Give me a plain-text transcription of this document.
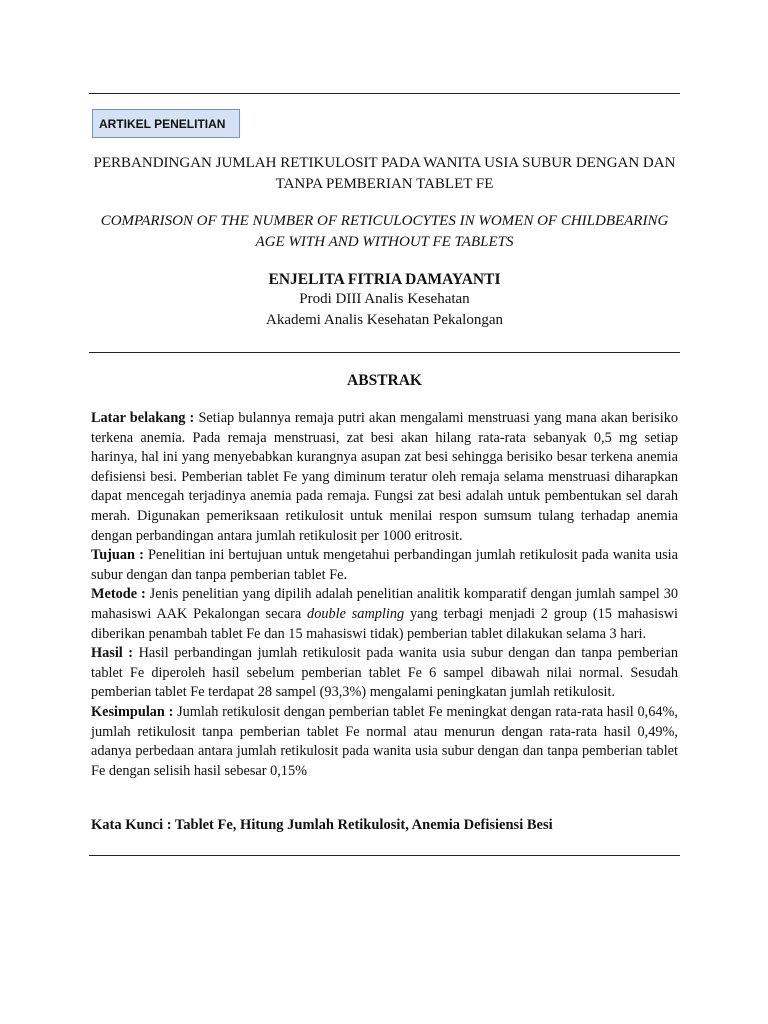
ARTIKEL PENELITIAN
PERBANDINGAN JUMLAH RETIKULOSIT PADA WANITA USIA SUBUR DENGAN DAN TANPA PEMBERIAN TABLET FE
COMPARISON OF THE NUMBER OF RETICULOCYTES IN WOMEN OF CHILDBEARING AGE WITH AND WITHOUT FE TABLETS
ENJELITA FITRIA DAMAYANTI
Prodi DIII Analis Kesehatan
Akademi Analis Kesehatan Pekalongan
ABSTRAK

Latar belakang : Setiap bulannya remaja putri akan mengalami menstruasi yang mana akan berisiko terkena anemia. Pada remaja menstruasi, zat besi akan hilang rata-rata sebanyak 0,5 mg setiap harinya, hal ini yang menyebabkan kurangnya asupan zat besi sehingga berisiko besar terkena anemia defisiensi besi. Pemberian tablet Fe yang diminum teratur oleh remaja selama menstruasi diharapkan dapat mencegah terjadinya anemia pada remaja. Fungsi zat besi adalah untuk pembentukan sel darah merah. Digunakan pemeriksaan retikulosit untuk menilai respon sumsum tulang terhadap anemia dengan perbandingan antara jumlah retikulosit per 1000 eritrosit.

Tujuan : Penelitian ini bertujuan untuk mengetahui perbandingan jumlah retikulosit pada wanita usia subur dengan dan tanpa pemberian tablet Fe.

Metode : Jenis penelitian yang dipilih adalah penelitian analitik komparatif dengan jumlah sampel 30 mahasiswi AAK Pekalongan secara double sampling yang terbagi menjadi 2 group (15 mahasiswi diberikan penambah tablet Fe dan 15 mahasiswi tidak) pemberian tablet dilakukan selama 3 hari.

Hasil : Hasil perbandingan jumlah retikulosit pada wanita usia subur dengan dan tanpa pemberian tablet Fe diperoleh hasil sebelum pemberian tablet Fe 6 sampel dibawah nilai normal. Sesudah pemberian tablet Fe terdapat 28 sampel (93,3%) mengalami peningkatan jumlah retikulosit.

Kesimpulan : Jumlah retikulosit dengan pemberian tablet Fe meningkat dengan rata-rata hasil 0,64%, jumlah retikulosit tanpa pemberian tablet Fe normal atau menurun dengan rata-rata hasil 0,49%, adanya perbedaan antara jumlah retikulosit pada wanita usia subur dengan dan tanpa pemberian tablet Fe dengan selisih hasil sebesar 0,15%

Kata Kunci : Tablet Fe, Hitung Jumlah Retikulosit, Anemia Defisiensi Besi
